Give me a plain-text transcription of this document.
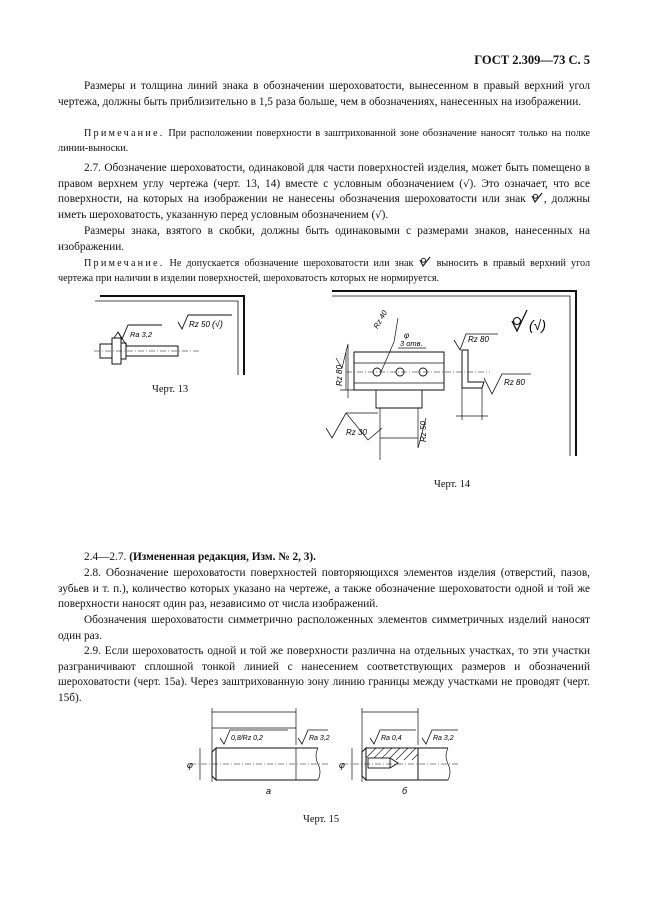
ГОСТ 2.309—73 С. 5
Размеры и толщина линий знака в обозначении шероховатости, вынесенном в правый верхний угол чертежа, должны быть приблизительно в 1,5 раза больше, чем в обозначениях, нанесенных на изображении.
Примечание. При расположении поверхности в заштрихованной зоне обозначение наносят только на полке линии-выноски.
2.7. Обозначение шероховатости, одинаковой для части поверхностей изделия, может быть помещено в правом верхнем углу чертежа (черт. 13, 14) вместе с условным обозначением (√). Это означает, что все поверхности, на которых на изображении не нанесены обозначения шероховатости или знак , должны иметь шероховатость, указанную перед условным обозначением (√).
Размеры знака, взятого в скобки, должны быть одинаковыми с размерами знаков, нанесенных на изображении.
Примечание. Не допускается обозначение шероховатости или знак выносить в правый верхний угол чертежа при наличии в изделии поверхностей, шероховатость которых не нормируется.
Rz 50 (√)
Ra 3,2
Черт. 13
(√)
Rz 80
Rz 40
φ
3 отв.
Rz 50
Rz 30
Rz 80
Rz 80
Черт. 14
2.4—2.7. (Измененная редакция, Изм. № 2, 3).
2.8. Обозначение шероховатости поверхностей повторяющихся элементов изделия (отверстий, пазов, зубьев и т. п.), количество которых указано на чертеже, а также обозначение шероховатости одной и той же поверхности наносят один раз, независимо от числа изображений.
Обозначения шероховатости симметрично расположенных элементов симметричных изделий наносят один раз.
2.9. Если шероховатость одной и той же поверхности различна на отдельных участках, то эти участки разграничивают сплошной тонкой линией с нанесением соответствующих размеров и обозначений шероховатости (черт. 15а). Через заштрихованную зону линию границы между участками не проводят (черт. 15б).
0,8/Rz 0,2	Ra 3,2
φ
а
Ra 0,4	Ra 3,2
φ
б
Черт. 15
